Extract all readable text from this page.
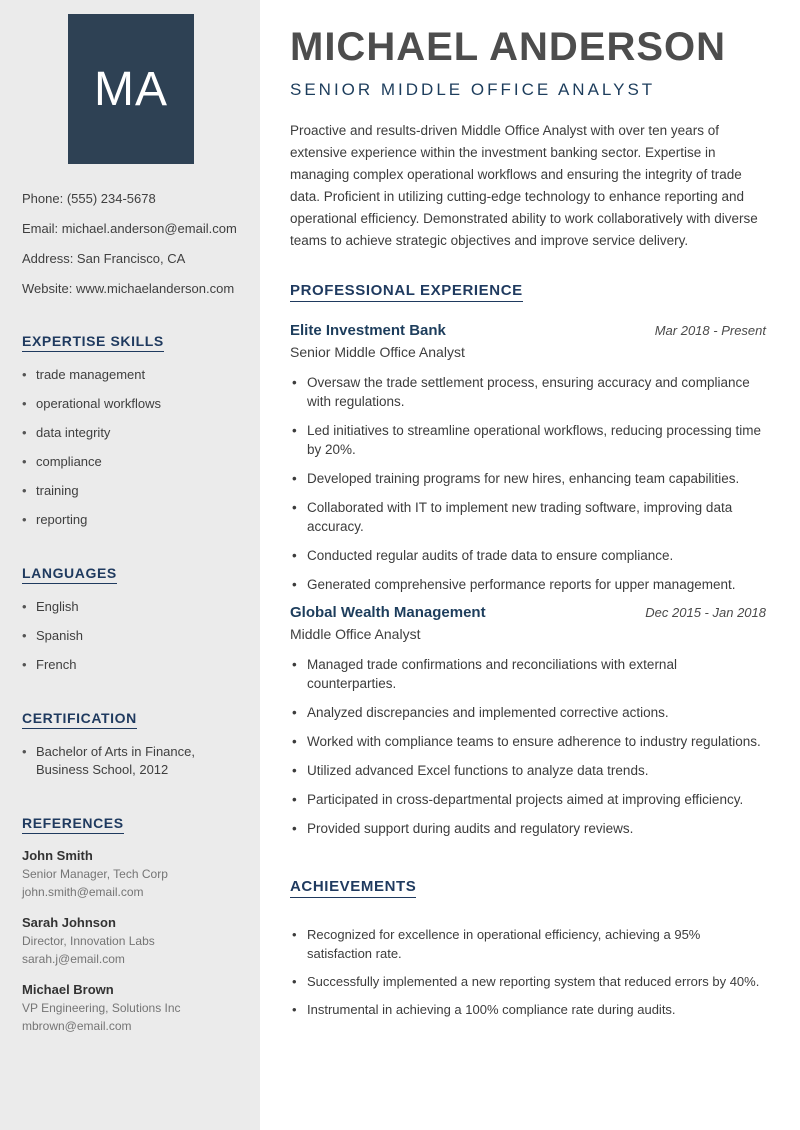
MA
Phone: (555) 234-5678
Email: michael.anderson@email.com
Address: San Francisco, CA
Website: www.michaelanderson.com
EXPERTISE SKILLS
• trade management
• operational workflows
• data integrity
• compliance
• training
• reporting
LANGUAGES
• English
• Spanish
• French
CERTIFICATION
• Bachelor of Arts in Finance, Business School, 2012
REFERENCES
John Smith
Senior Manager, Tech Corp
john.smith@email.com
Sarah Johnson
Director, Innovation Labs
sarah.j@email.com
Michael Brown
VP Engineering, Solutions Inc
mbrown@email.com
MICHAEL ANDERSON
SENIOR MIDDLE OFFICE ANALYST

Proactive and results-driven Middle Office Analyst with over ten years of extensive experience within the investment banking sector. Expertise in managing complex operational workflows and ensuring the integrity of trade data. Proficient in utilizing cutting-edge technology to enhance reporting and operational efficiency. Demonstrated ability to work collaboratively with diverse teams to achieve strategic objectives and improve service delivery.

PROFESSIONAL EXPERIENCE
Elite Investment Bank	Mar 2018 - Present
Senior Middle Office Analyst
• Oversaw the trade settlement process, ensuring accuracy and compliance with regulations.
• Led initiatives to streamline operational workflows, reducing processing time by 20%.
• Developed training programs for new hires, enhancing team capabilities.
• Collaborated with IT to implement new trading software, improving data accuracy.
• Conducted regular audits of trade data to ensure compliance.
• Generated comprehensive performance reports for upper management.
Global Wealth Management	Dec 2015 - Jan 2018
Middle Office Analyst
• Managed trade confirmations and reconciliations with external counterparties.
• Analyzed discrepancies and implemented corrective actions.
• Worked with compliance teams to ensure adherence to industry regulations.
• Utilized advanced Excel functions to analyze data trends.
• Participated in cross-departmental projects aimed at improving efficiency.
• Provided support during audits and regulatory reviews.
ACHIEVEMENTS
• Recognized for excellence in operational efficiency, achieving a 95% satisfaction rate.
• Successfully implemented a new reporting system that reduced errors by 40%.
• Instrumental in achieving a 100% compliance rate during audits.
